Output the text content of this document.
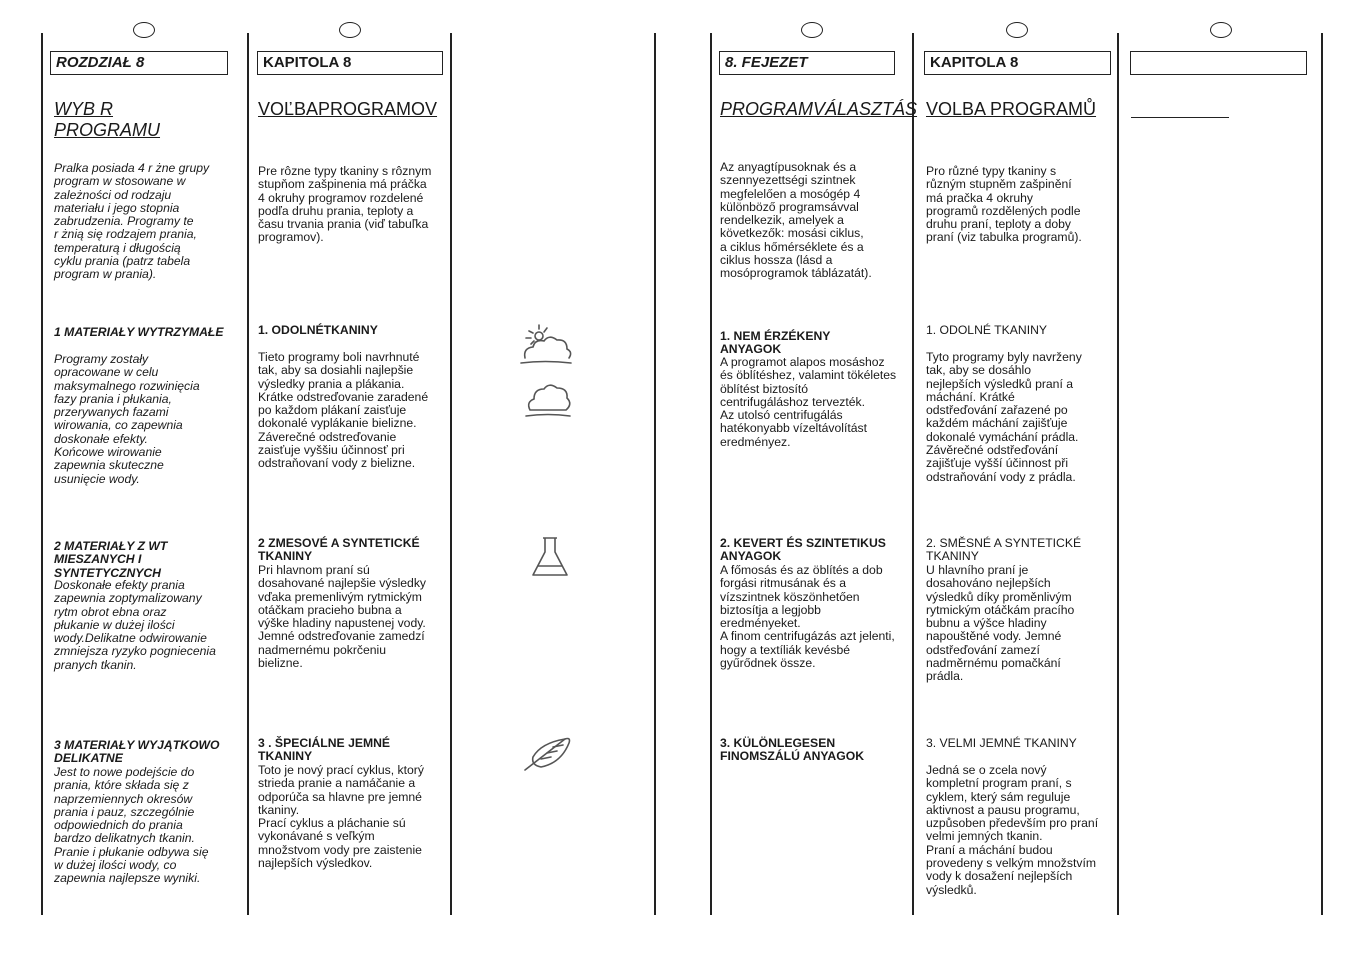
ROZDZIAŁ 8
WYB R
PROGRAMU
Pralka posiada 4 r żne grupy
program w stosowane w
zależności od rodzaju
materiału i jego stopnia
zabrudzenia. Programy te
r żnią się rodzajem prania,
temperaturą i długością
cyklu prania (patrz tabela
program w prania).
1 MATERIAŁY WYTRZYMAŁE
Programy zostały
opracowane w celu
maksymalnego rozwinięcia
fazy prania i płukania,
przerywanych fazami
wirowania, co zapewnia
doskonałe efekty.
Końcowe wirowanie
zapewnia skuteczne
usunięcie wody.
2 MATERIAŁY Z WT
MIESZANYCH I
SYNTETYCZNYCH
Doskonałe efekty prania
zapewnia zoptymalizowany
rytm obrot ebna oraz
płukanie w dużej ilości
wody.Delikatne odwirowanie
zmniejsza ryzyko pogniecenia
pranych tkanin.
3 MATERIAŁY WYJĄTKOWO
DELIKATNE
Jest to nowe podejście do
prania, które składa się z
naprzemiennych okresów
prania i pauz, szczególnie
odpowiednich do prania
bardzo delikatnych tkanin.
Pranie i płukanie odbywa się
w dużej ilości wody, co
zapewnia najlepsze wyniki.
KAPITOLA 8
VOĽBAPROGRAMOV
Pre rôzne typy tkaniny s rôznym
stupňom zašpinenia má práčka
4 okruhy programov rozdelené
podľa druhu prania, teploty a
času trvania prania (viď tabuľka
programov).
1. ODOLNÉTKANINY
Tieto programy boli navrhnuté
tak, aby sa dosiahli najlepšie
výsledky prania a plákania.
Krátke odstreďovanie zaradené
po každom plákaní zaisťuje
dokonalé vyplákanie bielizne.
Záverečné odstreďovanie
zaisťuje vyššiu účinnosť pri
odstraňovaní vody z bielizne.
2 ZMESOVÉ A SYNTETICKÉ
TKANINY
Pri hlavnom praní sú
dosahované najlepšie výsledky
vďaka premenlivým rytmickým
otáčkam pracieho bubna a
výške hladiny napustenej vody.
Jemné odstreďovanie zamedzí
nadmernému pokrčeniu
bielizne.
3 . ŠPECIÁLNE JEMNÉ
TKANINY
Toto je nový prací cyklus, ktorý
strieda pranie a namáčanie a
odporúča sa hlavne pre jemné
tkaniny.
Prací cyklus a pláchanie sú
vykonávané s veľkým
množstvom vody pre zaistenie
najlepších výsledkov.
8. FEJEZET
PROGRAMVÁLASZTÁS
Az anyagtípusoknak és a
szennyezettségi szintnek
megfelelően a mosógép 4
különböző programsávval
rendelkezik, amelyek a
következők: mosási ciklus,
a ciklus hőmérséklete és a
ciklus hossza (lásd a
mosóprogramok táblázatát).
1. NEM ÉRZÉKENY
ANYAGOK
A programot alapos mosáshoz
és öblítéshez, valamint tökéletes
öblítést biztosító
centrifugáláshoz tervezték.
Az utolsó centrifugálás
hatékonyabb vízeltávolítást
eredményez.
2. KEVERT ÉS SZINTETIKUS
ANYAGOK
A főmosás és az öblítés a dob
forgási ritmusának és a
vízszintnek köszönhetően
biztosítja a legjobb
eredményeket.
A finom centrifugázás azt jelenti,
hogy a textíliák kevésbé
gyűrődnek össze.
3. KÜLÖNLEGESEN
FINOMSZÁLÚ ANYAGOK
KAPITOLA 8
VOLBA PROGRAMŮ
Pro různé typy tkaniny s
různým stupněm zašpinění
má pračka 4 okruhy
programů rozdělených podle
druhu praní, teploty a doby
praní (viz tabulka programů).
1. ODOLNÉ TKANINY
Tyto programy byly navrženy
tak, aby se dosáhlo
nejlepších výsledků praní a
máchání. Krátké
odstřeďování zařazené po
každém máchání zajišťuje
dokonalé vymáchání prádla.
Závěrečné odstřeďování
zajišťuje vyšší účinnost při
odstraňování vody z prádla.
2. SMĚSNÉ A SYNTETICKÉ
TKANINY
U hlavního praní je
dosahováno nejlepších
výsledků díky proměnlivým
rytmickým otáčkám pracího
bubnu a výšce hladiny
napouštěné vody. Jemné
odstřeďování zamezí
nadměrnému pomačkání
prádla.
3. VELMI JEMNÉ TKANINY
Jedná se o zcela nový
kompletní program praní, s
cyklem, který sám reguluje
aktivnost a pausu programu,
uzpůsoben především pro praní
velmi jemných tkanin.
Praní a máchání budou
provedeny s velkým množstvím
vody k dosažení nejlepších
výsledků.
